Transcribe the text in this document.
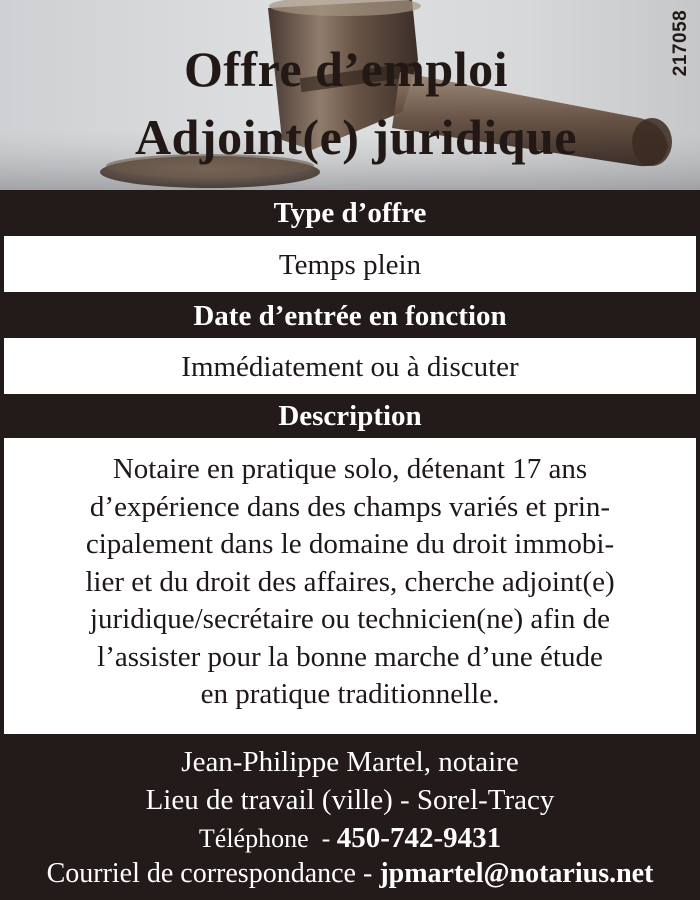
Offre d’emploi
Adjoint(e) juridique
217058
Type d’offre
Temps plein
Date d’entrée en fonction
Immédiatement ou à discuter
Description
Notaire en pratique solo, détenant 17 ans
d’expérience dans des champs variés et prin-
cipalement dans le domaine du droit immobi-
lier et du droit des affaires, cherche adjoint(e)
juridique/secrétaire ou technicien(ne) afin de
l’assister pour la bonne marche d’une étude
en pratique traditionnelle.
Jean-Philippe Martel, notaire
Lieu de travail (ville) - Sorel-Tracy
Téléphone  - 450-742-9431
Courriel de correspondance - jpmartel@notarius.net
